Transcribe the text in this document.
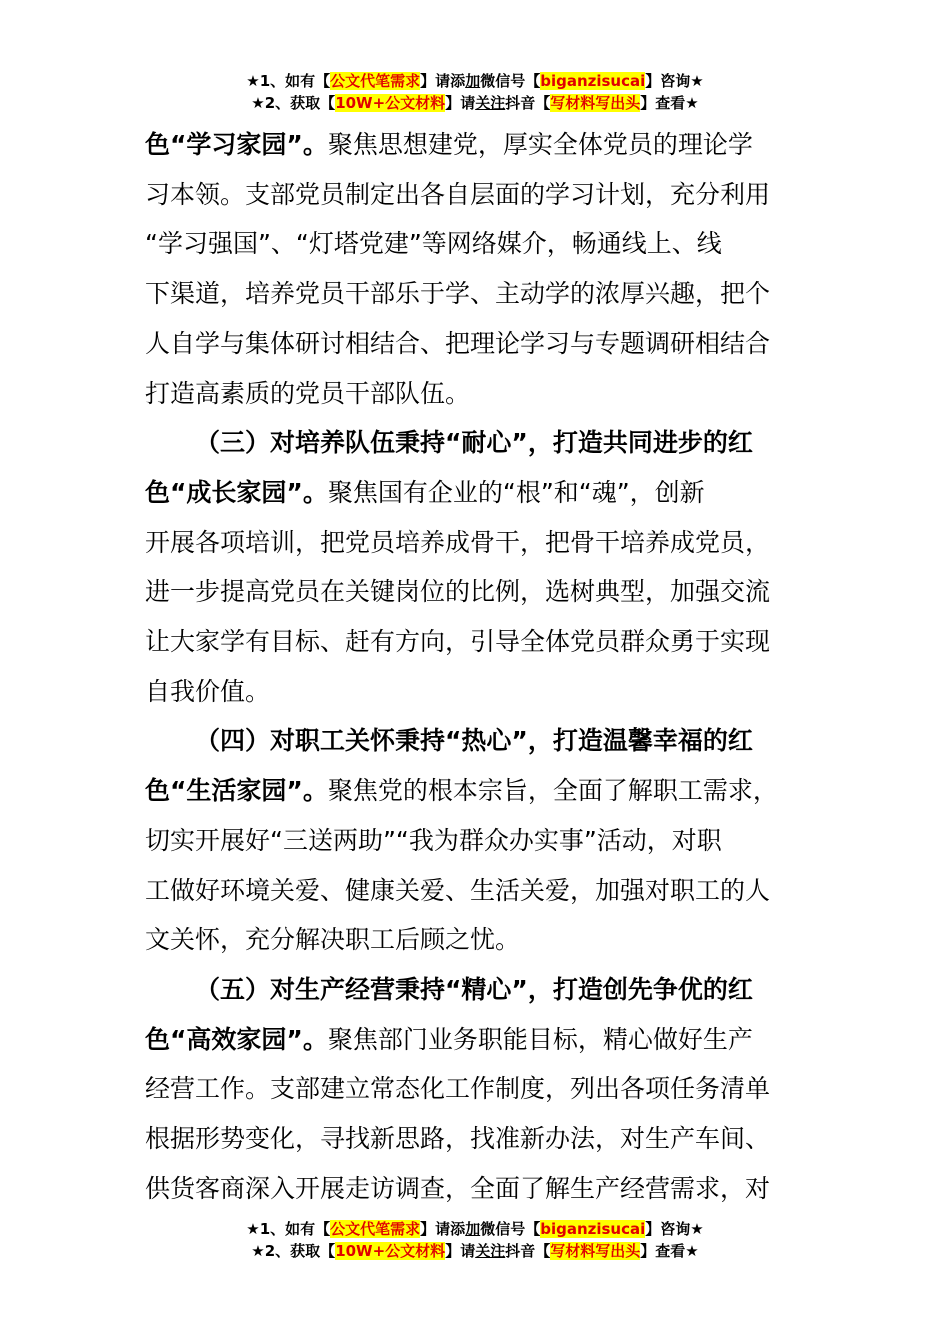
★1、如有【公文代笔需求】请添加微信号【biganzisucai】咨询★
★2、获取【10W+公文材料】请关注抖音【写材料写出头】查看★

色“学习家园”。聚焦思想建党，厚实全体党员的理论学
习本领。支部党员制定出各自层面的学习计划，充分利用
“学习强国”、“灯塔党建”等网络媒介，畅通线上、线
下渠道，培养党员干部乐于学、主动学的浓厚兴趣，把个
人自学与集体研讨相结合、把理论学习与专题调研相结合
打造高素质的党员干部队伍。

（三）对培养队伍秉持“耐心”，打造共同进步的红
色“成长家园”。聚焦国有企业的“根”和“魂”，创新
开展各项培训，把党员培养成骨干，把骨干培养成党员，
进一步提高党员在关键岗位的比例，选树典型，加强交流
让大家学有目标、赶有方向，引导全体党员群众勇于实现
自我价值。

（四）对职工关怀秉持“热心”，打造温馨幸福的红
色“生活家园”。聚焦党的根本宗旨，全面了解职工需求，
切实开展好“三送两助”“我为群众办实事”活动，对职
工做好环境关爱、健康关爱、生活关爱，加强对职工的人
文关怀，充分解决职工后顾之忧。

（五）对生产经营秉持“精心”，打造创先争优的红
色“高效家园”。聚焦部门业务职能目标，精心做好生产
经营工作。支部建立常态化工作制度，列出各项任务清单
根据形势变化，寻找新思路，找准新办法，对生产车间、
供货客商深入开展走访调查，全面了解生产经营需求，对

★1、如有【公文代笔需求】请添加微信号【biganzisucai】咨询★
★2、获取【10W+公文材料】请关注抖音【写材料写出头】查看★
